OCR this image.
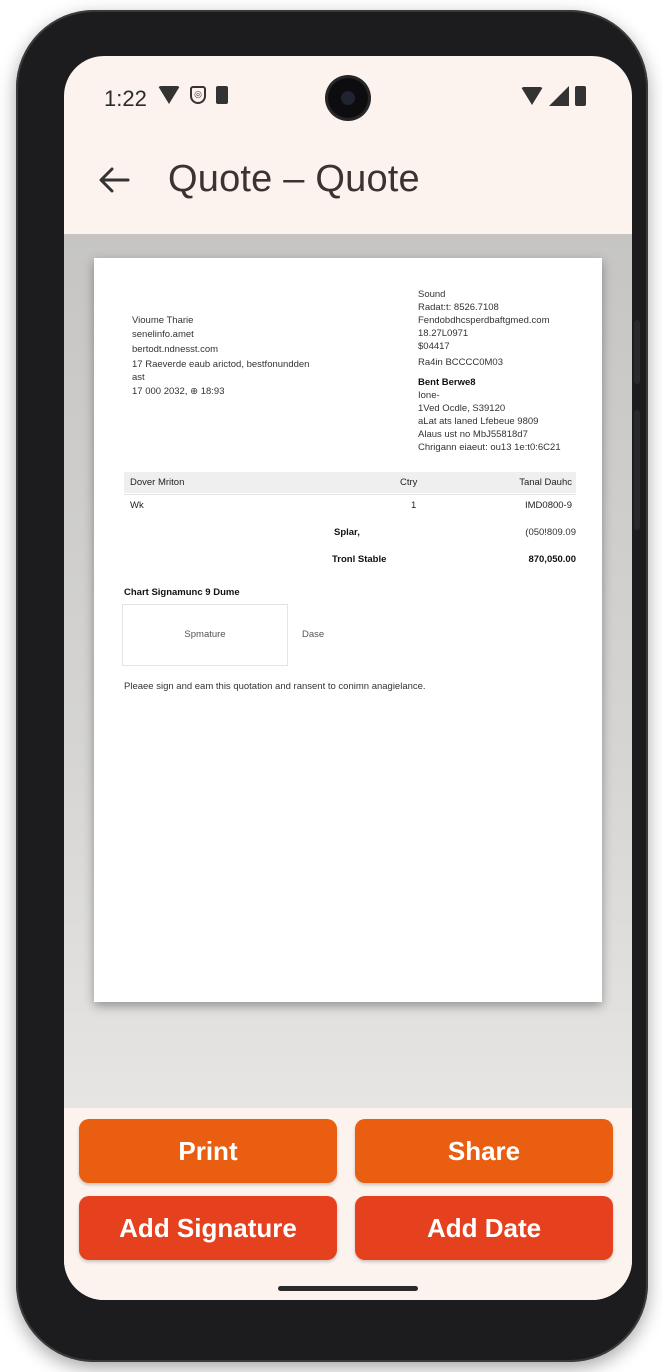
1:22	◎
Quote – Quote
Vioume Tharie
senelinfo.amet
bertodt.ndnesst.com
17 Raeverde eaub arictod, bestfonundden
ast
17 000 2032, ⊕ 18:93
Sound
Radat:t: 8526.7108
Fendobdhcsperdbaftgmed.com
18.27L0971
$04417
Ra4in BCCCC0M03
Bent Berwe8
Ione-
1Ved Ocdle, S39120
aLat ats laned Lfebeue 9809
Alaus ust no MbJ55818d7
Chrigann eiaeut: ou13 1e:t0:6C21
Dover Mriton	Ctry	Tanal Dauhc
Wk	1	IMD0800-9
Splar,	(050!809.09
Tronl Stable	870,050.00
Chart Signamunc 9 Dume
Spmature	Dase
Pleaee sign and eam this quotation and ransent to conimn anagielance.
Print	Share
Add Signature	Add Date
